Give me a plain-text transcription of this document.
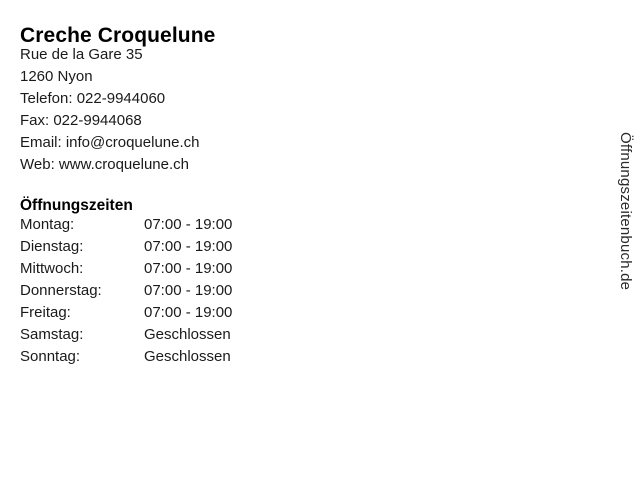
Creche Croquelune
Rue de la Gare 35
1260 Nyon
Telefon: 022-9944060
Fax: 022-9944068
Email: info@croquelune.ch
Web: www.croquelune.ch
Öffnungszeiten
Montag:	07:00 - 19:00
Dienstag:	07:00 - 19:00
Mittwoch:	07:00 - 19:00
Donnerstag:	07:00 - 19:00
Freitag:	07:00 - 19:00
Samstag:	Geschlossen
Sonntag:	Geschlossen
Öffnungszeitenbuch.de
